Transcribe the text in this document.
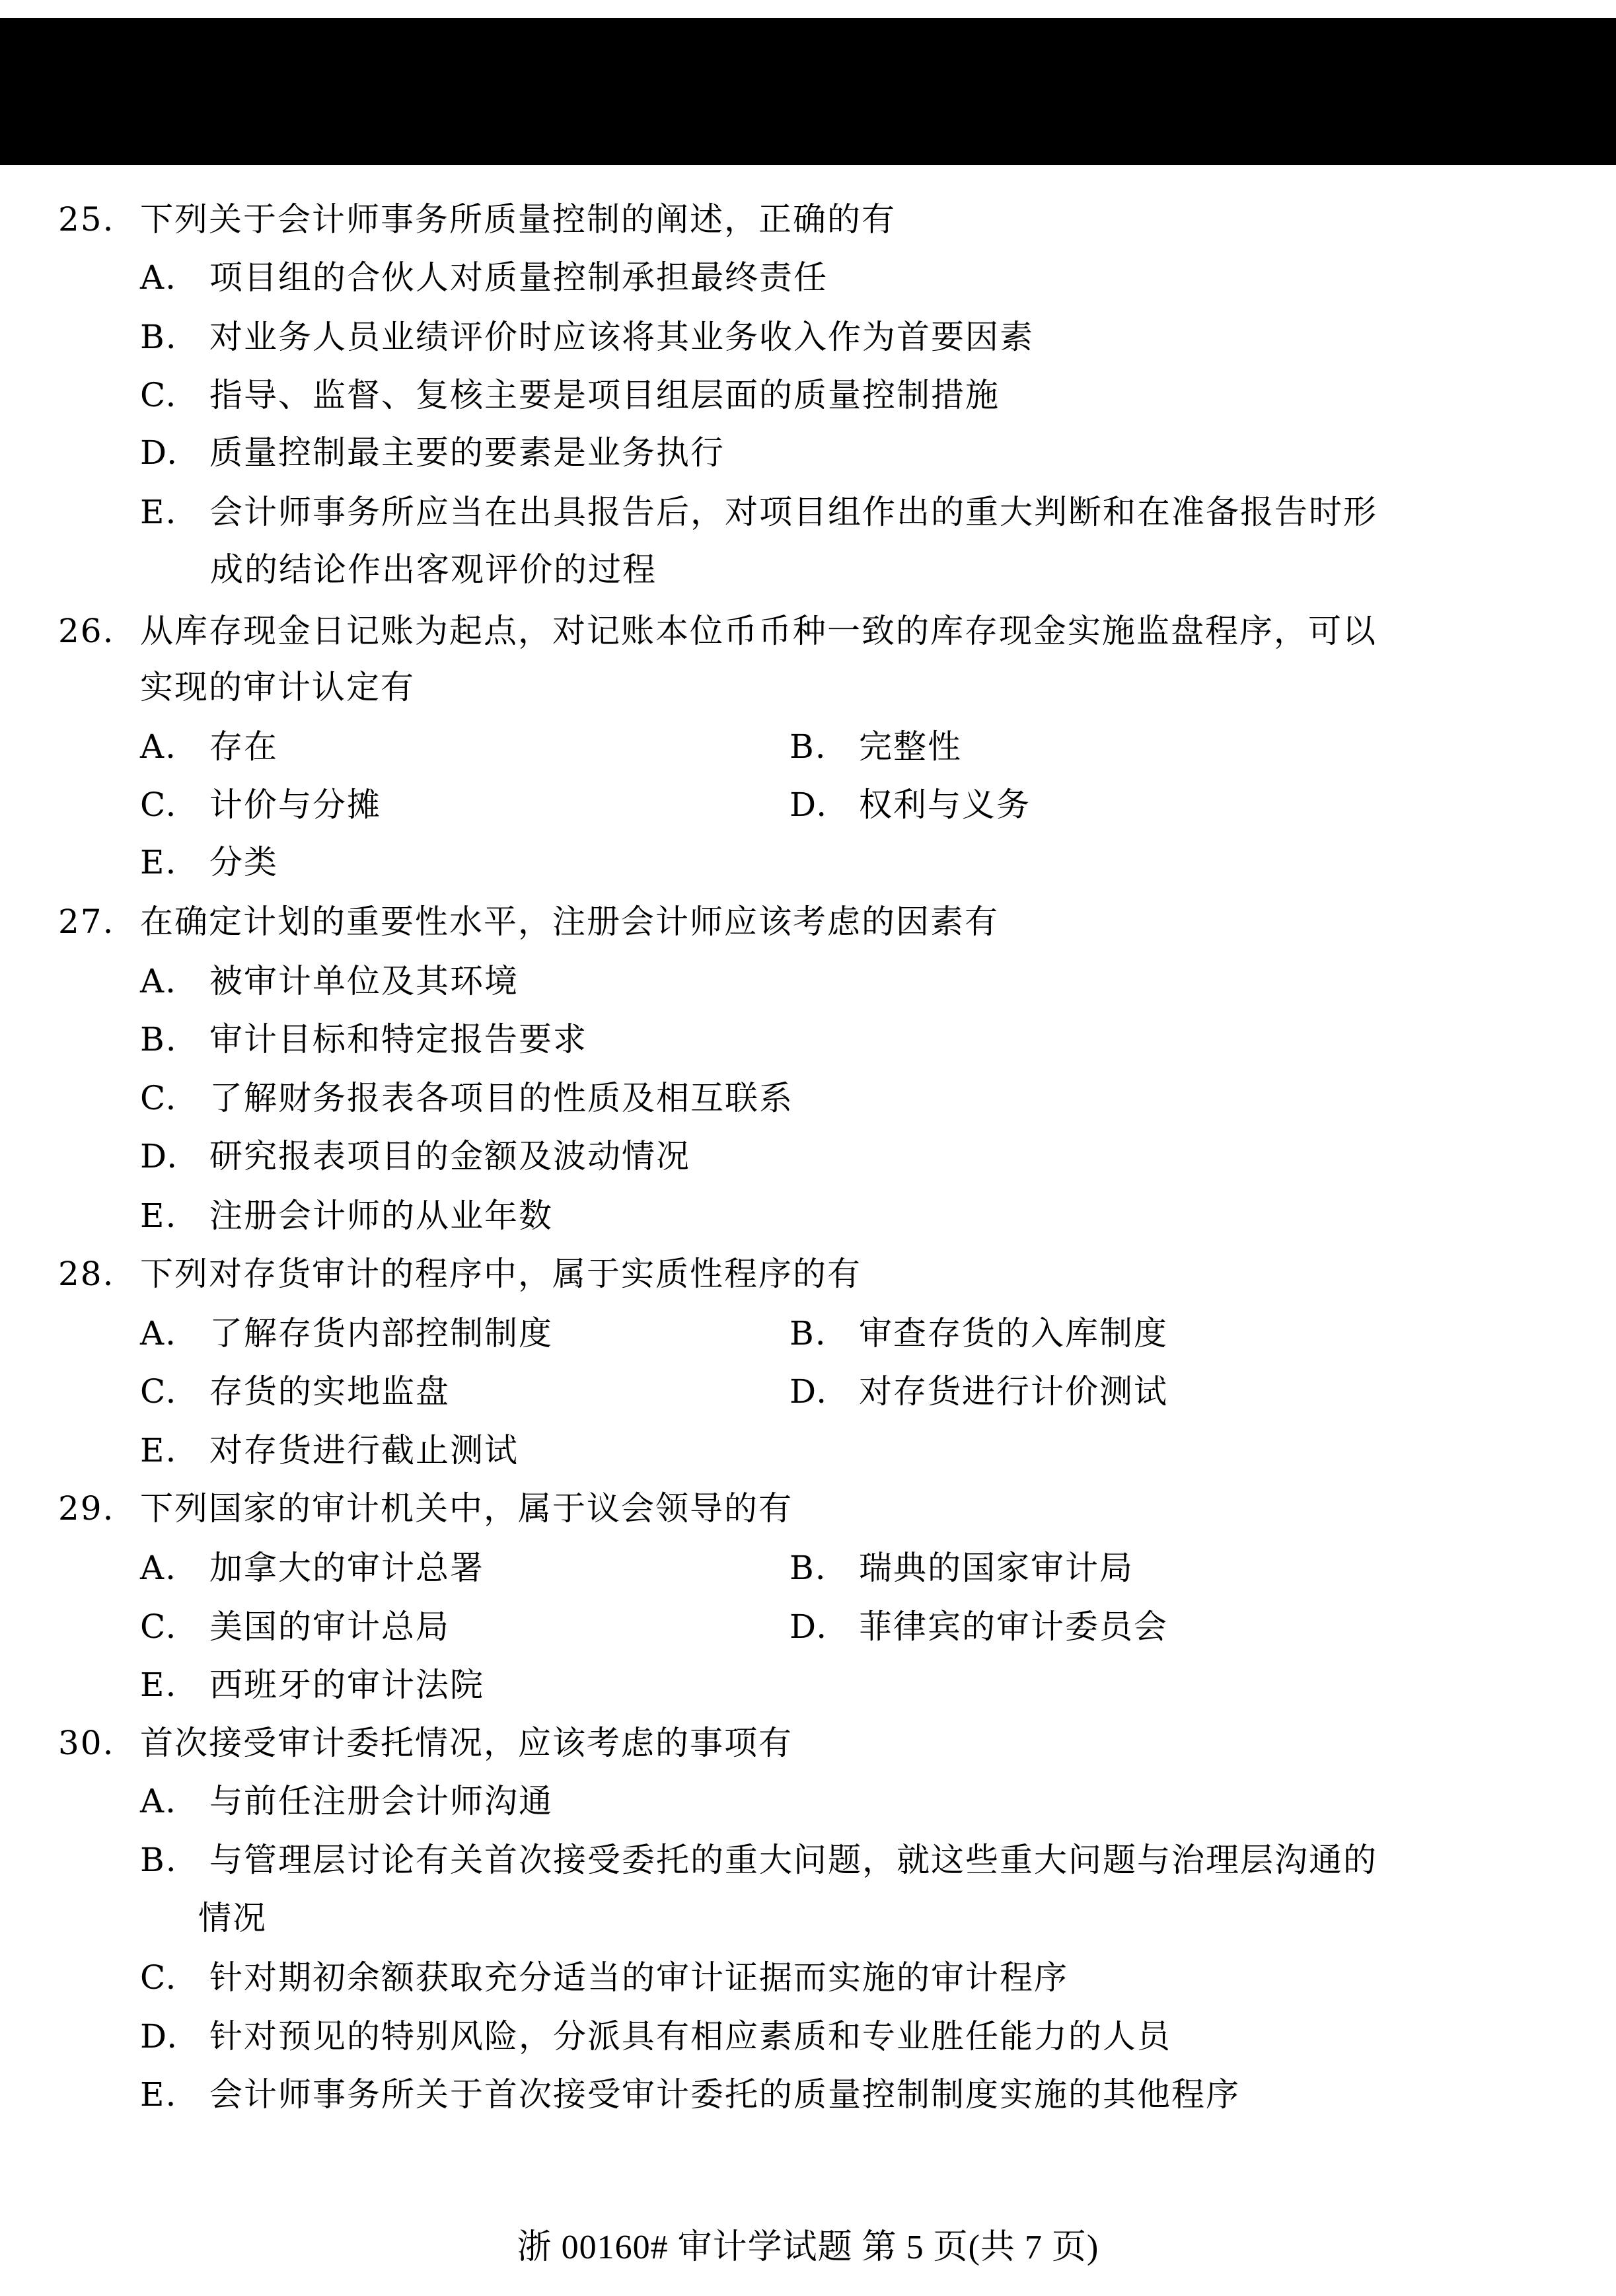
25. 下列关于会计师事务所质量控制的阐述，正确的有
A. 项目组的合伙人对质量控制承担最终责任
B. 对业务人员业绩评价时应该将其业务收入作为首要因素
C. 指导、监督、复核主要是项目组层面的质量控制措施
D. 质量控制最主要的要素是业务执行
E. 会计师事务所应当在出具报告后，对项目组作出的重大判断和在准备报告时形
成的结论作出客观评价的过程
26. 从库存现金日记账为起点，对记账本位币币种一致的库存现金实施监盘程序，可以
实现的审计认定有
A. 存在	B. 完整性
C. 计价与分摊	D. 权利与义务
E. 分类
27. 在确定计划的重要性水平，注册会计师应该考虑的因素有
A. 被审计单位及其环境
B. 审计目标和特定报告要求
C. 了解财务报表各项目的性质及相互联系
D. 研究报表项目的金额及波动情况
E. 注册会计师的从业年数
28. 下列对存货审计的程序中，属于实质性程序的有
A. 了解存货内部控制制度	B. 审查存货的入库制度
C. 存货的实地监盘	D. 对存货进行计价测试
E. 对存货进行截止测试
29. 下列国家的审计机关中，属于议会领导的有
A. 加拿大的审计总署	B. 瑞典的国家审计局
C. 美国的审计总局	D. 菲律宾的审计委员会
E. 西班牙的审计法院
30. 首次接受审计委托情况，应该考虑的事项有
A. 与前任注册会计师沟通
B. 与管理层讨论有关首次接受委托的重大问题，就这些重大问题与治理层沟通的
情况
C. 针对期初余额获取充分适当的审计证据而实施的审计程序
D. 针对预见的特别风险，分派具有相应素质和专业胜任能力的人员
E. 会计师事务所关于首次接受审计委托的质量控制制度实施的其他程序
浙 00160# 审计学试题 第 5 页(共 7 页)
